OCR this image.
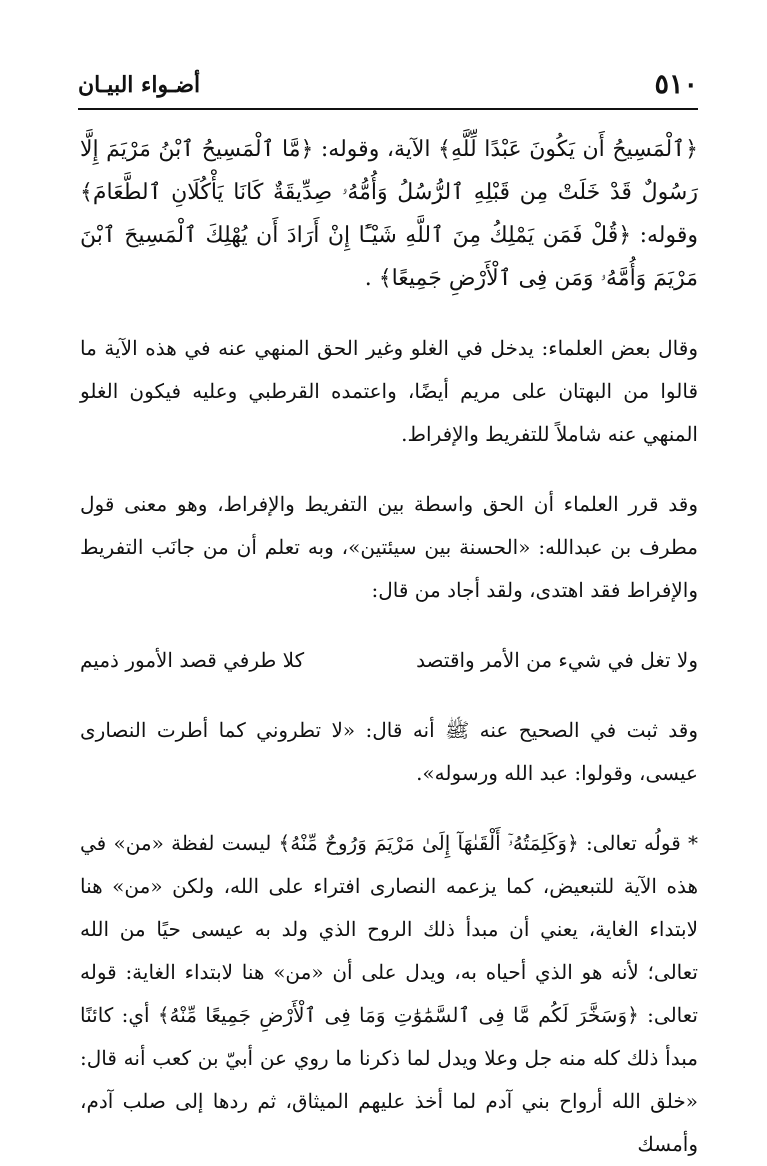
٥١٠
أضـواء البيـان

﴿ٱلْمَسِيحُ أَن يَكُونَ عَبْدًا لِّلَّهِ﴾ الآية، وقوله: ﴿مَّا ٱلْمَسِيحُ ٱبْنُ مَرْيَمَ إِلَّا رَسُولٌ قَدْ خَلَتْ مِن قَبْلِهِ ٱلرُّسُلُ وَأُمُّهُۥ صِدِّيقَةٌ كَانَا يَأْكُلَانِ ٱلطَّعَامَ﴾ وقوله: ﴿قُلْ فَمَن يَمْلِكُ مِنَ ٱللَّهِ شَيْـًٔا إِنْ أَرَادَ أَن يُهْلِكَ ٱلْمَسِيحَ ٱبْنَ مَرْيَمَ وَأُمَّهُۥ وَمَن فِى ٱلْأَرْضِ جَمِيعًا﴾ .

وقال بعض العلماء: يدخل في الغلو وغير الحق المنهي عنه في هذه الآية ما قالوا من البهتان على مريم أيضًا، واعتمده القرطبي وعليه فيكون الغلو المنهي عنه شاملاً للتفريط والإفراط.

وقد قرر العلماء أن الحق واسطة بين التفريط والإفراط، وهو معنى قول مطرف بن عبدالله: «الحسنة بين سيئتين»، وبه تعلم أن من جانَب التفريط والإفراط فقد اهتدى، ولقد أجاد من قال:

ولا تغل في شيء من الأمر واقتصد
كلا طرفي قصد الأمور ذميم

وقد ثبت في الصحيح عنه ﷺ أنه قال: «لا تطروني كما أطرت النصارى عيسى، وقولوا: عبد الله ورسوله».

* قولُه تعالى: ﴿وَكَلِمَتُهُۥٓ أَلْقَىٰهَآ إِلَىٰ مَرْيَمَ وَرُوحٌ مِّنْهُ﴾ ليست لفظة «من» في هذه الآية للتبعيض، كما يزعمه النصارى افتراء على الله، ولكن «من» هنا لابتداء الغاية، يعني أن مبدأ ذلك الروح الذي ولد به عيسى حيًا من الله تعالى؛ لأنه هو الذي أحياه به، ويدل على أن «من» هنا لابتداء الغاية: قوله تعالى: ﴿وَسَخَّرَ لَكُم مَّا فِى ٱلسَّمَٰوَٰتِ وَمَا فِى ٱلْأَرْضِ جَمِيعًا مِّنْهُ﴾ أي: كائنًا مبدأ ذلك كله منه جل وعلا ويدل لما ذكرنا ما روي عن أبيّ بن كعب أنه قال: «خلق الله أرواح بني آدم لما أخذ عليهم الميثاق، ثم ردها إلى صلب آدم، وأمسك
